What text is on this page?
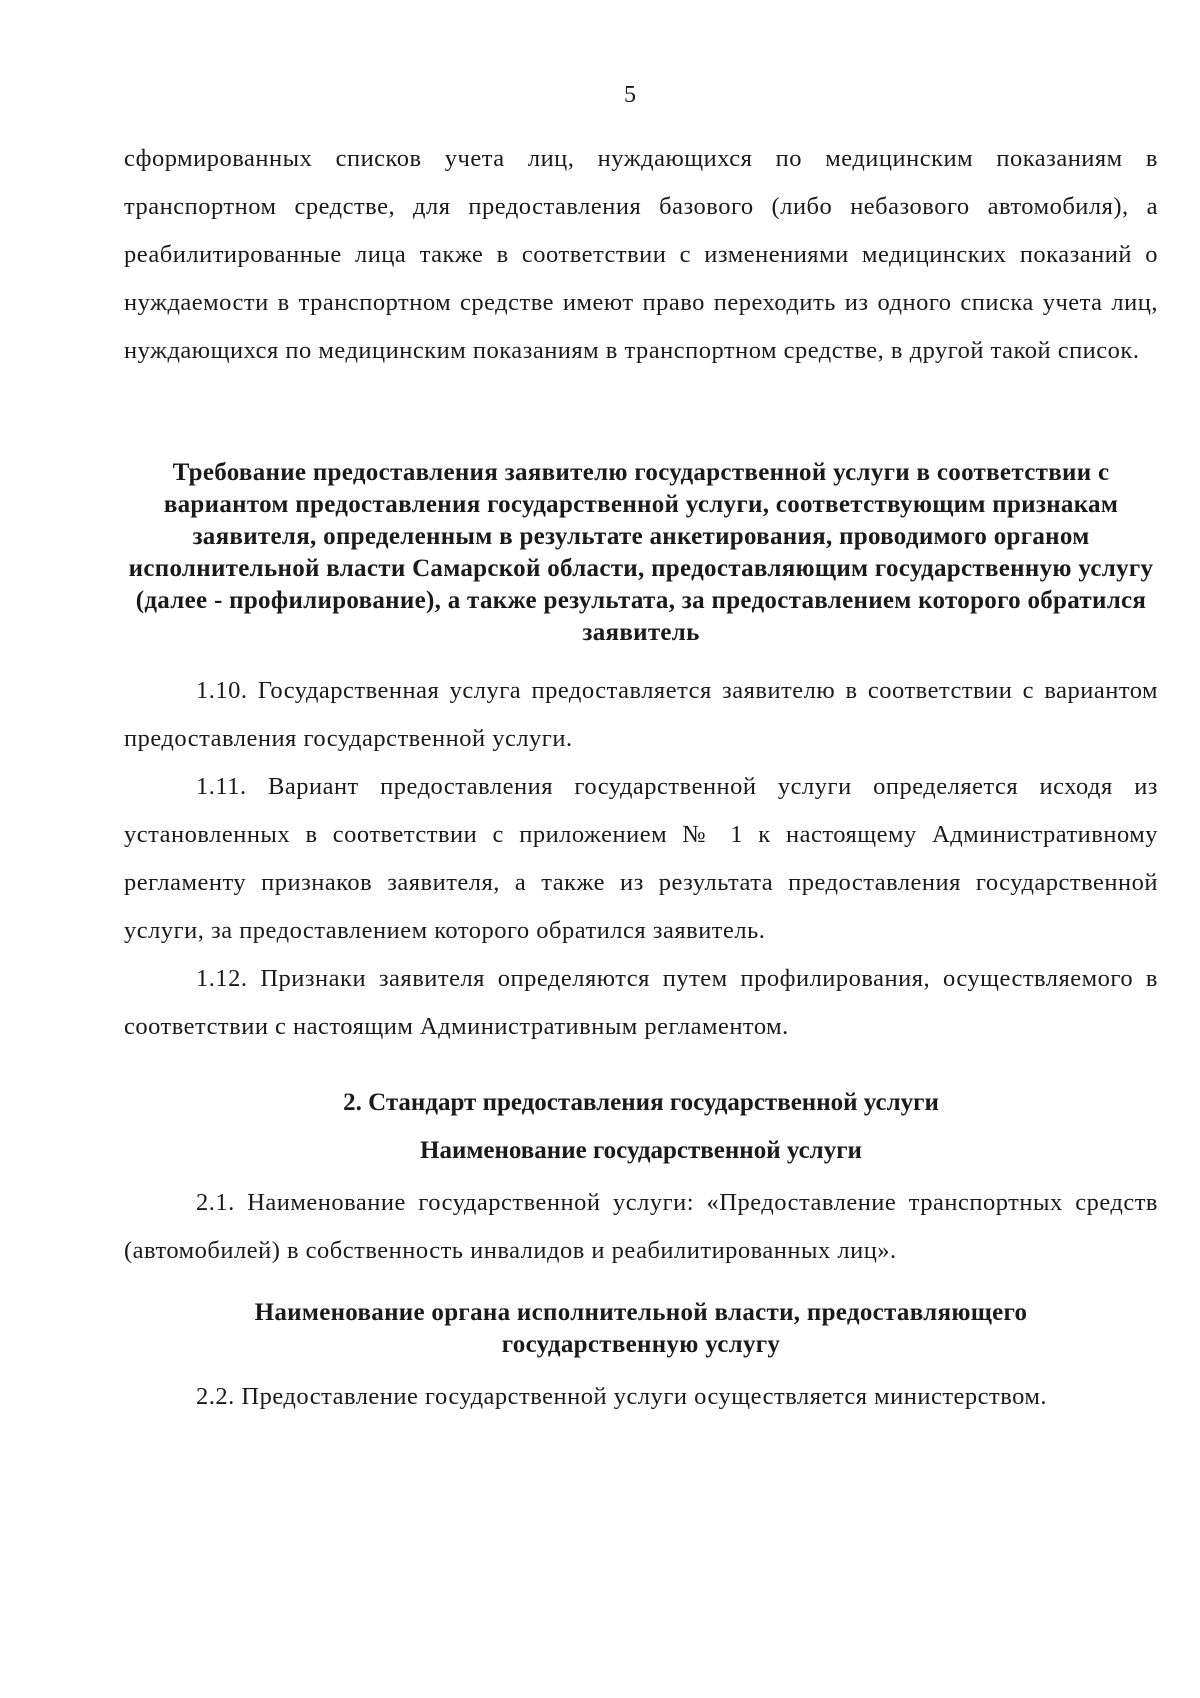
5

сформированных списков учета лиц, нуждающихся по медицинским показаниям в транспортном средстве, для предоставления базового (либо небазового автомобиля), а реабилитированные лица также в соответствии с изменениями медицинских показаний о нуждаемости в транспортном средстве имеют право переходить из одного списка учета лиц, нуждающихся по медицинским показаниям в транспортном средстве, в другой такой список.

Требование предоставления заявителю государственной услуги в соответствии с вариантом предоставления государственной услуги, соответствующим признакам заявителя, определенным в результате анкетирования, проводимого органом исполнительной власти Самарской области, предоставляющим государственную услугу (далее - профилирование), а также результата, за предоставлением которого обратился заявитель

1.10. Государственная услуга предоставляется заявителю в соответствии с вариантом предоставления государственной услуги.

1.11. Вариант предоставления государственной услуги определяется исходя из установленных в соответствии с приложением № 1 к настоящему Административному регламенту признаков заявителя, а также из результата предоставления государственной услуги, за предоставлением которого обратился заявитель.

1.12. Признаки заявителя определяются путем профилирования, осуществляемого в соответствии с настоящим Административным регламентом.

2. Стандарт предоставления государственной услуги

Наименование государственной услуги

2.1. Наименование государственной услуги: «Предоставление транспортных средств (автомобилей) в собственность инвалидов и реабилитированных лиц».

Наименование органа исполнительной власти, предоставляющего государственную услугу

2.2. Предоставление государственной услуги осуществляется министерством.
